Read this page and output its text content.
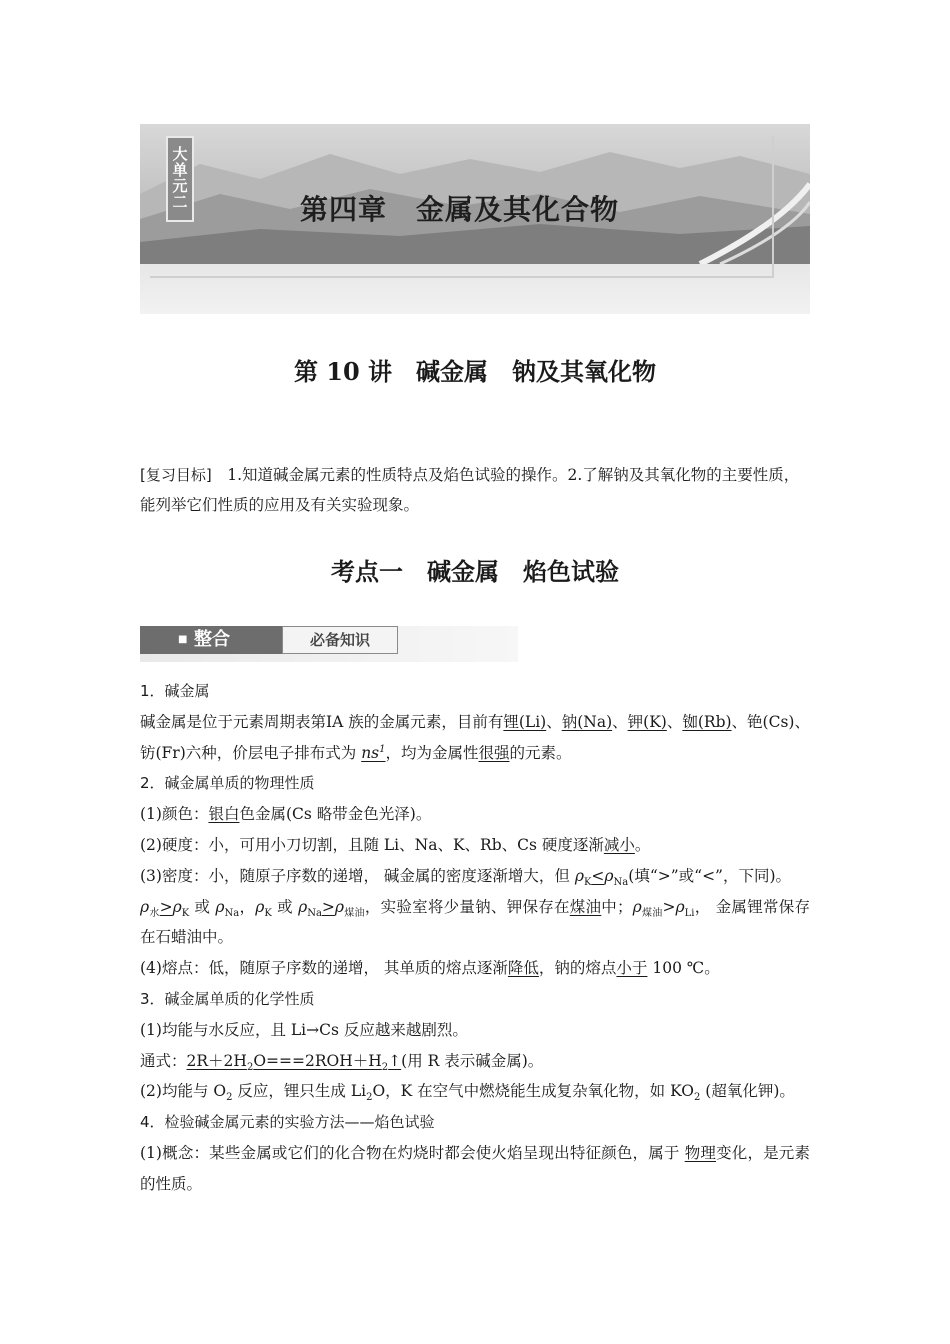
大
单
元
二	第四章　金属及其化合物
第 10 讲　碱金属　钠及其氧化物
[复习目标]　1.知道碱金属元素的性质特点及焰色试验的操作。2.了解钠及其氧化物的主要性质，能列举它们性质的应用及有关实验现象。
考点一　碱金属　焰色试验
■ 整合	必备知识

1．碱金属

碱金属是位于元素周期表第ⅠA 族的金属元素，目前有锂(Li)、钠(Na)、钾(K)、铷(Rb)、铯(Cs)、钫(Fr)六种，价层电子排布式为 $ns^1$，均为金属性很强的元素。

2．碱金属单质的物理性质

(1)颜色：银白色金属(Cs 略带金色光泽)。

(2)硬度：小，可用小刀切割，且随 Li、Na、K、Rb、Cs 硬度逐渐减小。

(3)密度：小，随原子序数的递增， 碱金属的密度逐渐增大，但 $\rho_K<\rho_{Na}$(填“>”或“<”，下同)。

$\rho_水>\rho_K$ 或 $\rho_{Na}$，$\rho_K$ 或 $\rho_{Na}>\rho_{煤油}$，实验室将少量钠、钾保存在煤油中；$\rho_{煤油}>\rho_{Li}$， 金属锂常保存在石蜡油中。

(4)熔点：低，随原子序数的递增， 其单质的熔点逐渐降低，钠的熔点小于 100 ℃。

3．碱金属单质的化学性质

(1)均能与水反应，且 Li→Cs 反应越来越剧烈。

通式：$2R+2H_2O===2ROH+H_2↑$(用 R 表示碱金属)。

(2)均能与 $O_2$ 反应，锂只生成 $Li_2O$，K 在空气中燃烧能生成复杂氧化物，如 $KO_2$ (超氧化钾)。

4．检验碱金属元素的实验方法——焰色试验

(1)概念：某些金属或它们的化合物在灼烧时都会使火焰呈现出特征颜色，属于 物理变化，是元素的性质。
